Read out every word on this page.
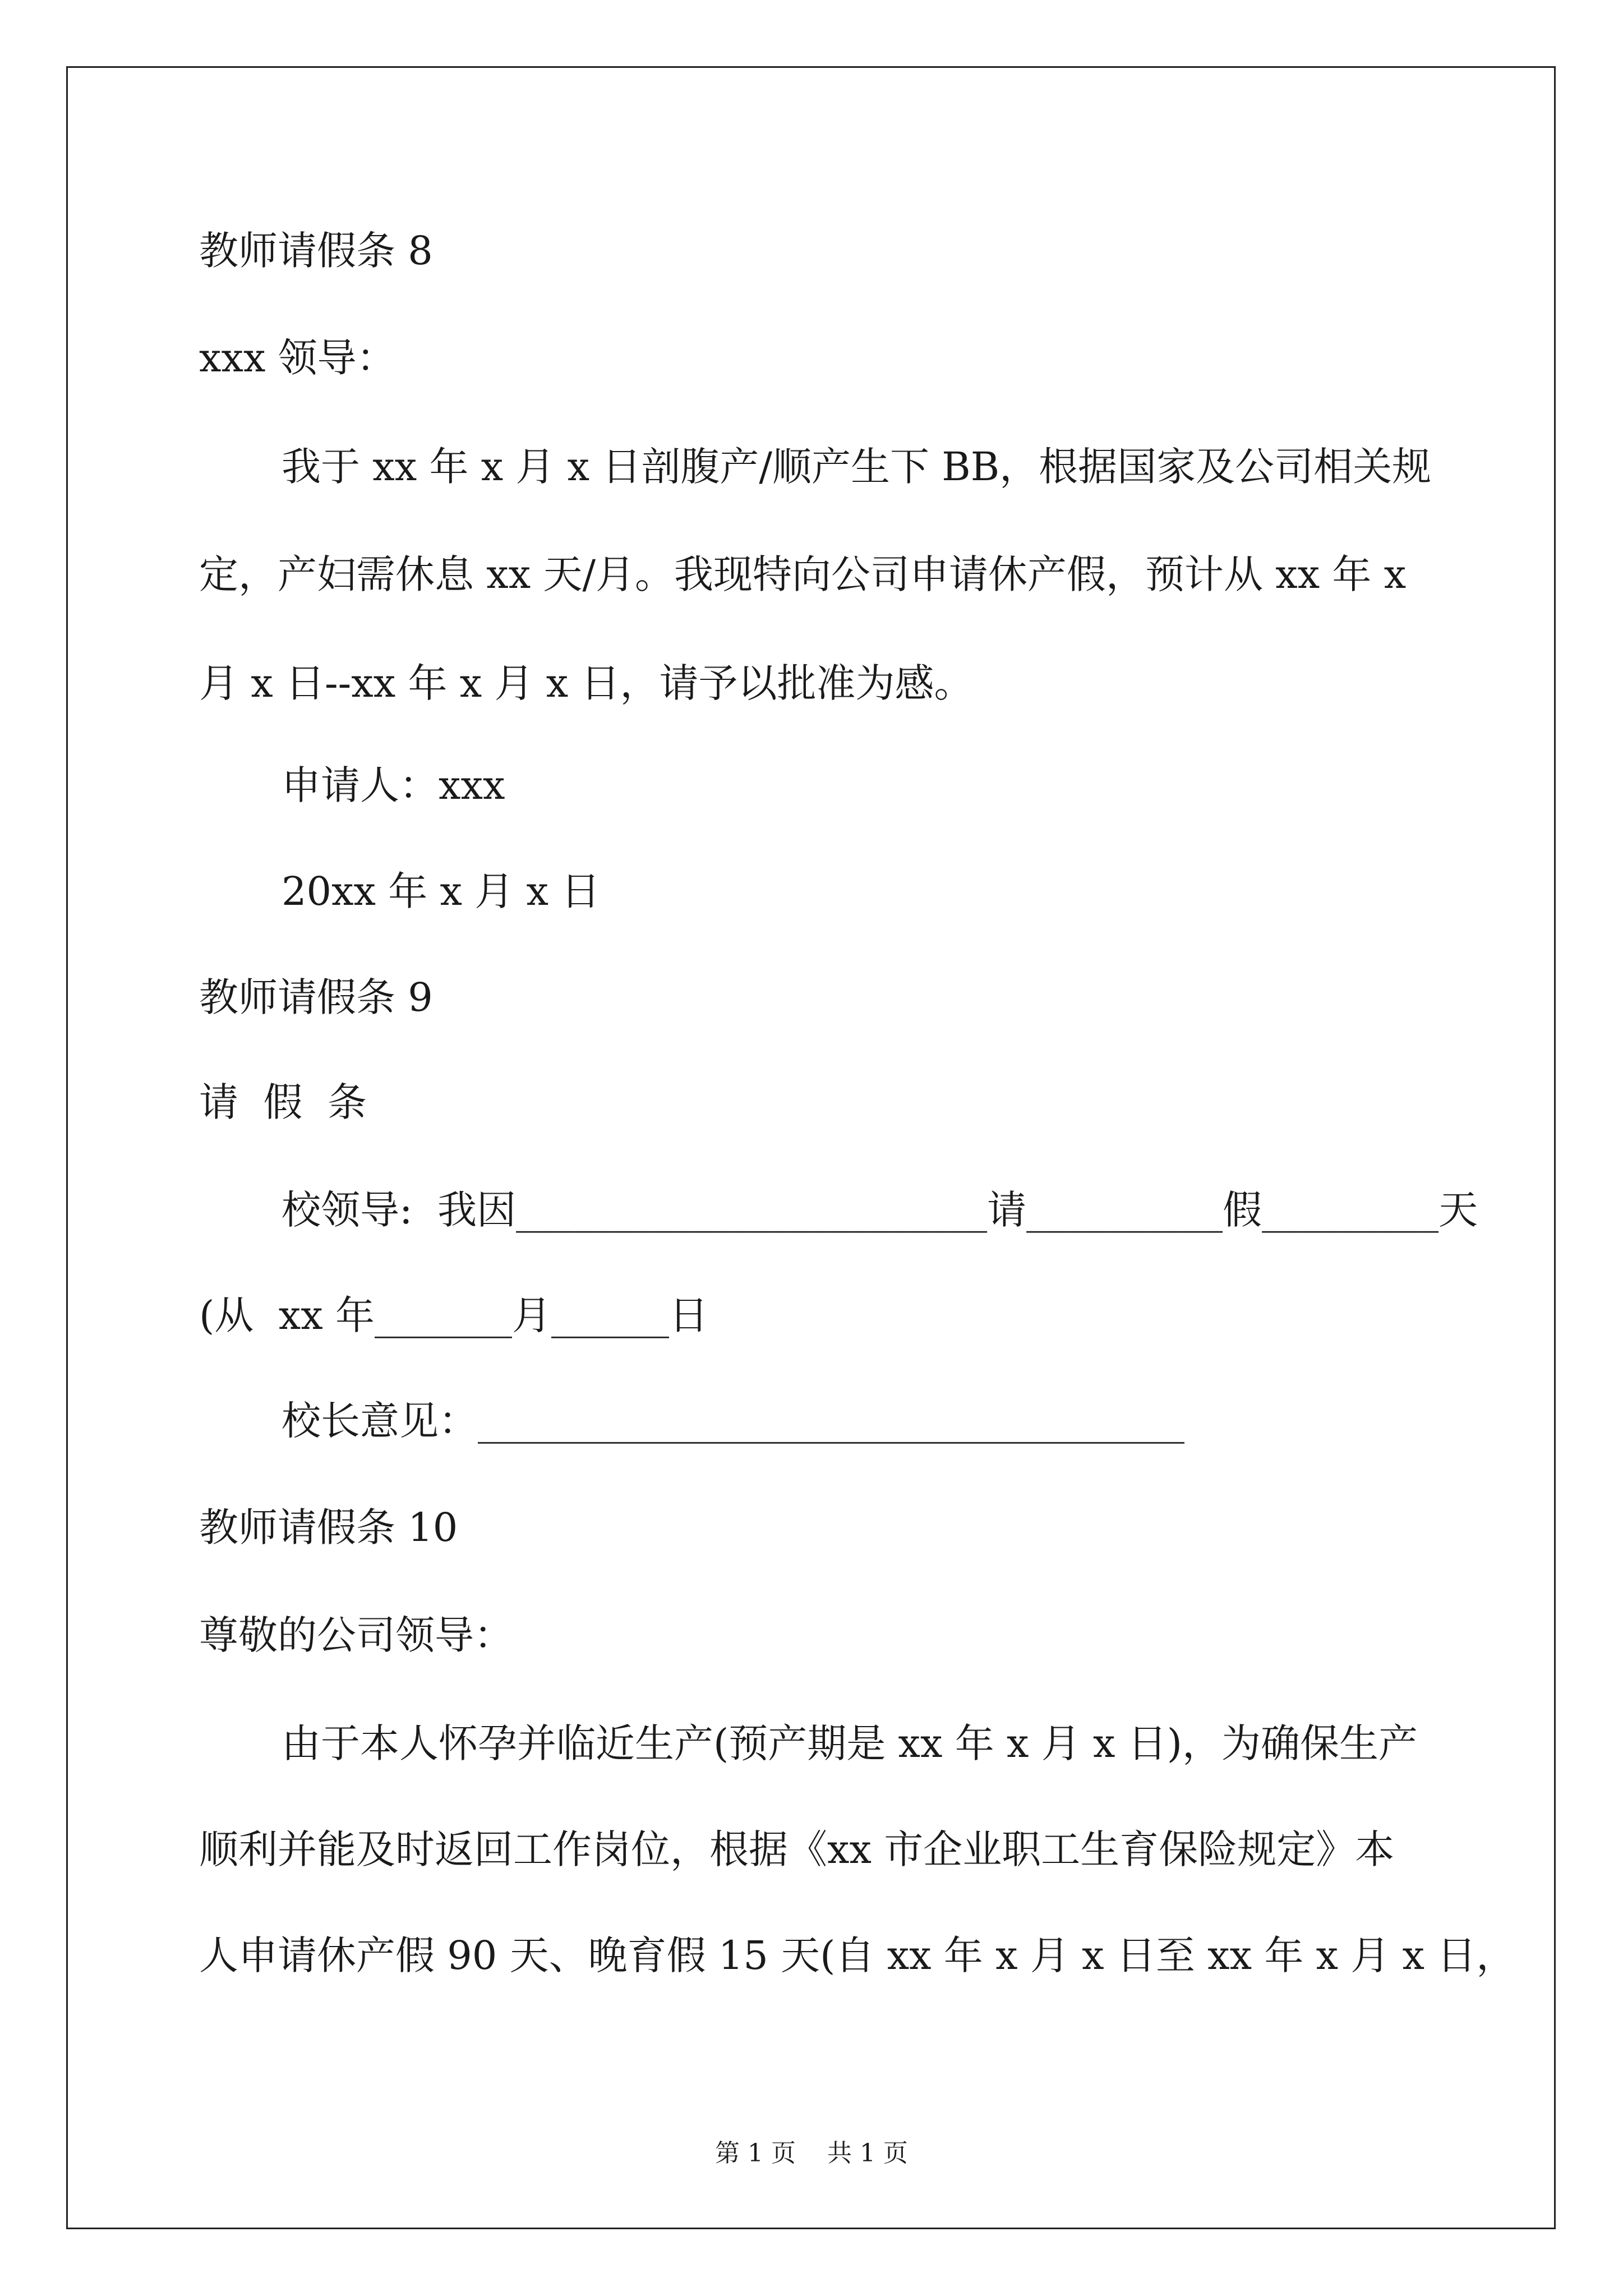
教师请假条 8
xxx 领导：
我于 xx 年 x 月 x 日剖腹产/顺产生下 BB，根据国家及公司相关规
定，产妇需休息 xx 天/月。我现特向公司申请休产假，预计从 xx 年 x
月 x 日--xx 年 x 月 x 日，请予以批准为感。
申请人：xxx
20xx 年 x 月 x 日
教师请假条 9
请  假  条
校领导:  我因________________________请__________假_________天
(从  xx 年_______月______日
校长意见：____________________________________
教师请假条 10
尊敬的公司领导：
由于本人怀孕并临近生产(预产期是 xx 年 x 月 x 日)，为确保生产
顺利并能及时返回工作岗位，根据《xx 市企业职工生育保险规定》本
人申请休产假 90 天、晚育假 15 天(自 xx 年 x 月 x 日至 xx 年 x 月 x 日，
第 1 页    共 1 页
